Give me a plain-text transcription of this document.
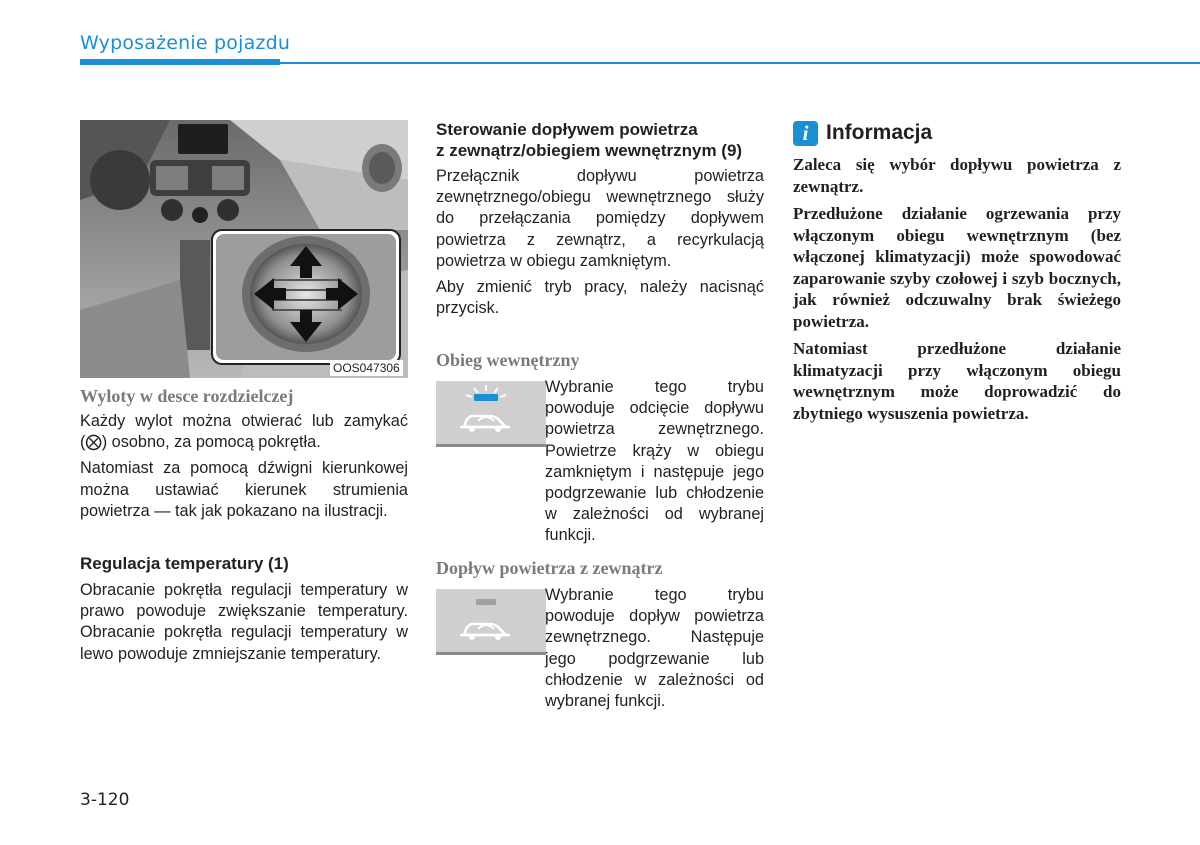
Wyposażenie pojazdu
OOS047306
Wyloty w desce rozdzielczej

Każdy wylot można otwierać lub zamykać (⨂) osobno, za pomocą pokrętła.

Natomiast za pomocą dźwigni kierunkowej można ustawiać kierunek strumienia powietrza — tak jak pokazano na ilustracji.

Regulacja temperatury (1)
Obracanie pokrętła regulacji temperatury w prawo powoduje zwiększanie temperatury. Obracanie pokrętła regulacji temperatury w lewo powoduje zmniejszanie temperatury.
Sterowanie dopływem powietrza
z zewnątrz/obiegiem wewnętrznym (9)

Przełącznik dopływu powietrza zewnętrznego/obiegu wewnętrznego służy do przełączania pomiędzy dopływem powietrza z zewnątrz, a recyrkulacją powietrza w obiegu zamkniętym.

Aby zmienić tryb pracy, należy nacisnąć przycisk.

Obieg wewnętrzny
Wybranie tego trybu powoduje odcięcie dopływu powietrza zewnętrznego. Powietrze krąży w obiegu zamkniętym i następuje jego podgrzewanie lub chłodzenie w zależności od wybranej funkcji.
Dopływ powietrza z zewnątrz
Wybranie tego trybu powoduje dopływ powietrza zewnętrznego. Następuje jego podgrzewanie lub chłodzenie w zależności od wybranej funkcji.
i Informacja

Zaleca się wybór dopływu powietrza z zewnątrz.

Przedłużone działanie ogrzewania przy włączonym obiegu wewnętrznym (bez włączonej klimatyzacji) może spowodować zaparowanie szyby czołowej i szyb bocznych, jak również odczuwalny brak świeżego powietrza.

Natomiast przedłużone działanie klimatyzacji przy włączonym obiegu wewnętrznym może doprowadzić do zbytniego wysuszenia powietrza.

3-120
